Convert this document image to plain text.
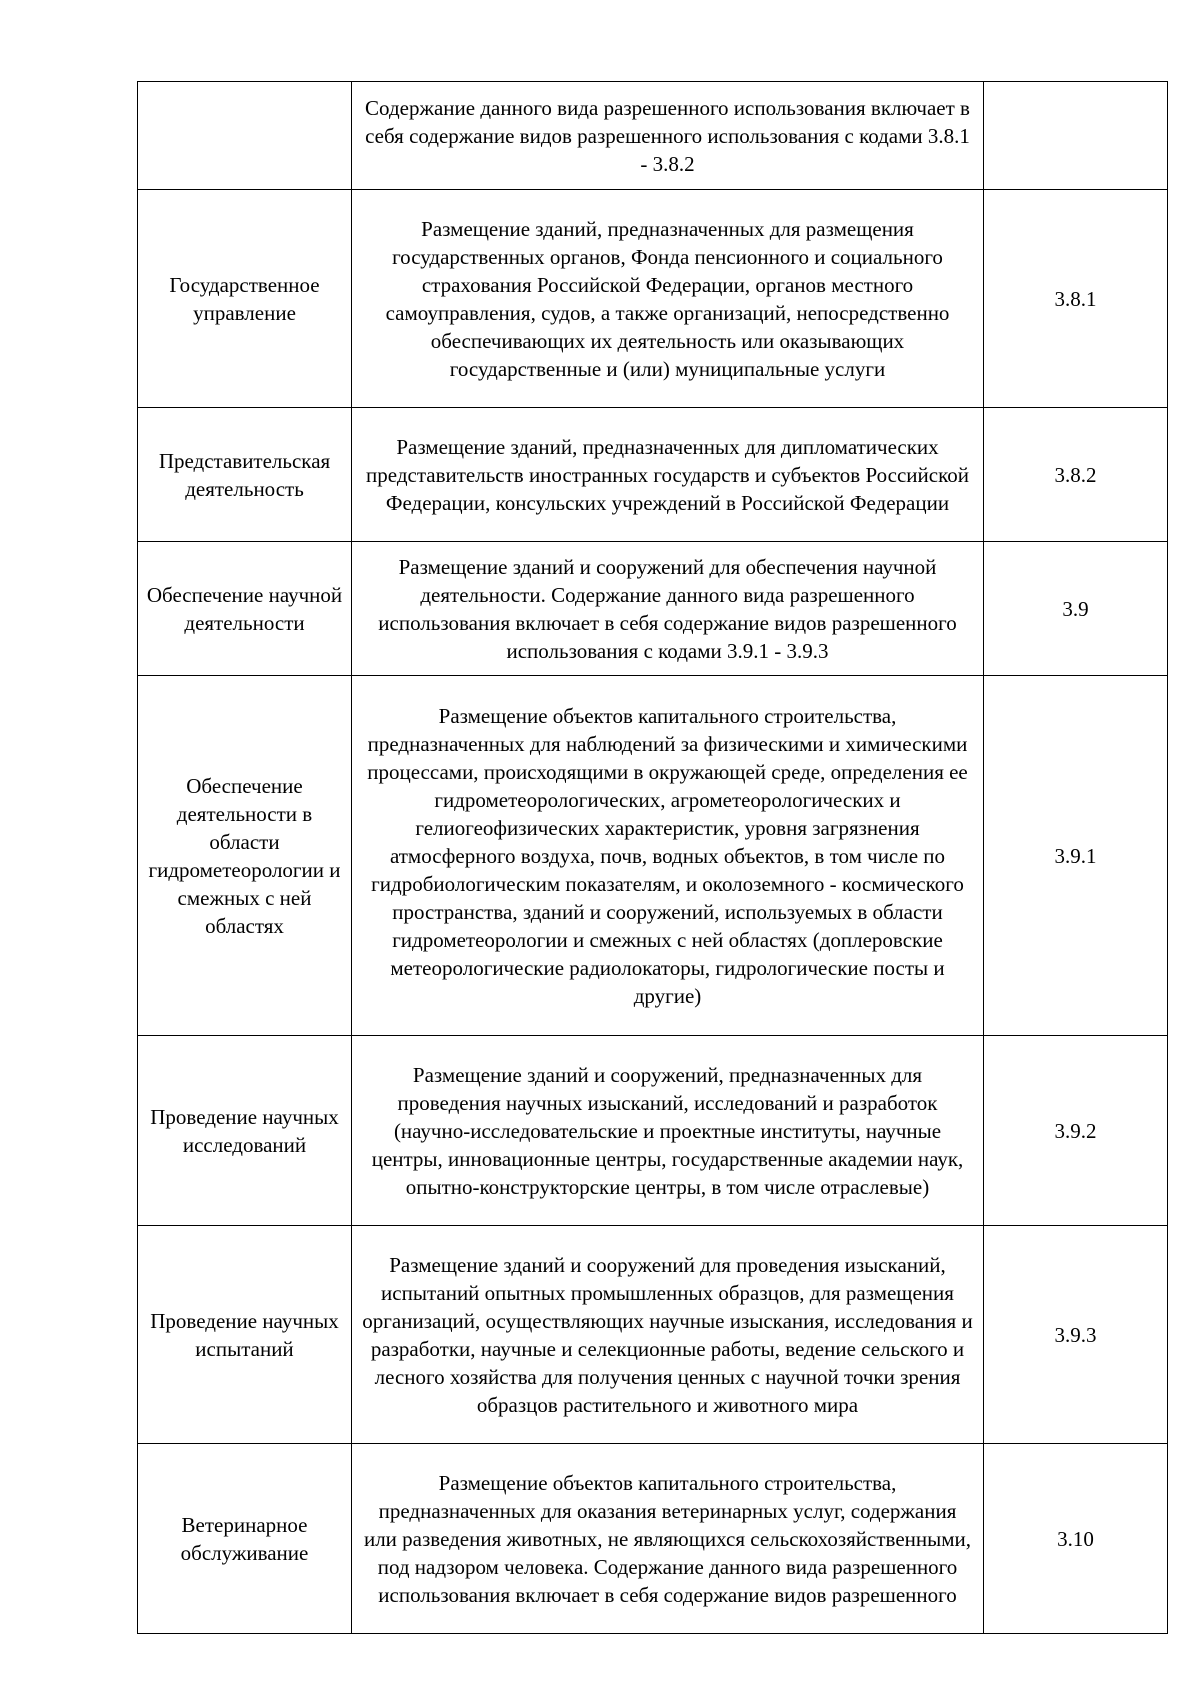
	Содержание данного вида разрешенного использования включает в себя содержание видов разрешенного использования с кодами 3.8.1 - 3.8.2	

Государственное управление	Размещение зданий, предназначенных для размещения государственных органов, Фонда пенсионного и социального страхования Российской Федерации, органов местного самоуправления, судов, а также организаций, непосредственно обеспечивающих их деятельность или оказывающих государственные и (или) муниципальные услуги	3.8.1

Представительская деятельность	Размещение зданий, предназначенных для дипломатических представительств иностранных государств и субъектов Российской Федерации, консульских учреждений в Российской Федерации	3.8.2

Обеспечение научной деятельности	Размещение зданий и сооружений для обеспечения научной деятельности. Содержание данного вида разрешенного использования включает в себя содержание видов разрешенного использования с кодами 3.9.1 - 3.9.3	3.9

Обеспечение деятельности в области гидрометеорологии и смежных с ней областях	Размещение объектов капитального строительства, предназначенных для наблюдений за физическими и химическими процессами, происходящими в окружающей среде, определения ее гидрометеорологических, агрометеорологических и гелиогеофизических характеристик, уровня загрязнения атмосферного воздуха, почв, водных объектов, в том числе по гидробиологическим показателям, и околоземного - космического пространства, зданий и сооружений, используемых в области гидрометеорологии и смежных с ней областях (доплеровские метеорологические радиолокаторы, гидрологические посты и другие)	3.9.1

Проведение научных исследований	Размещение зданий и сооружений, предназначенных для проведения научных изысканий, исследований и разработок (научно-исследовательские и проектные институты, научные центры, инновационные центры, государственные академии наук, опытно-конструкторские центры, в том числе отраслевые)	3.9.2

Проведение научных испытаний	Размещение зданий и сооружений для проведения изысканий, испытаний опытных промышленных образцов, для размещения организаций, осуществляющих научные изыскания, исследования и разработки, научные и селекционные работы, ведение сельского и лесного хозяйства для получения ценных с научной точки зрения образцов растительного и животного мира	3.9.3

Ветеринарное обслуживание	Размещение объектов капитального строительства, предназначенных для оказания ветеринарных услуг, содержания или разведения животных, не являющихся сельскохозяйственными, под надзором человека. Содержание данного вида разрешенного использования включает в себя содержание видов разрешенного	3.10
